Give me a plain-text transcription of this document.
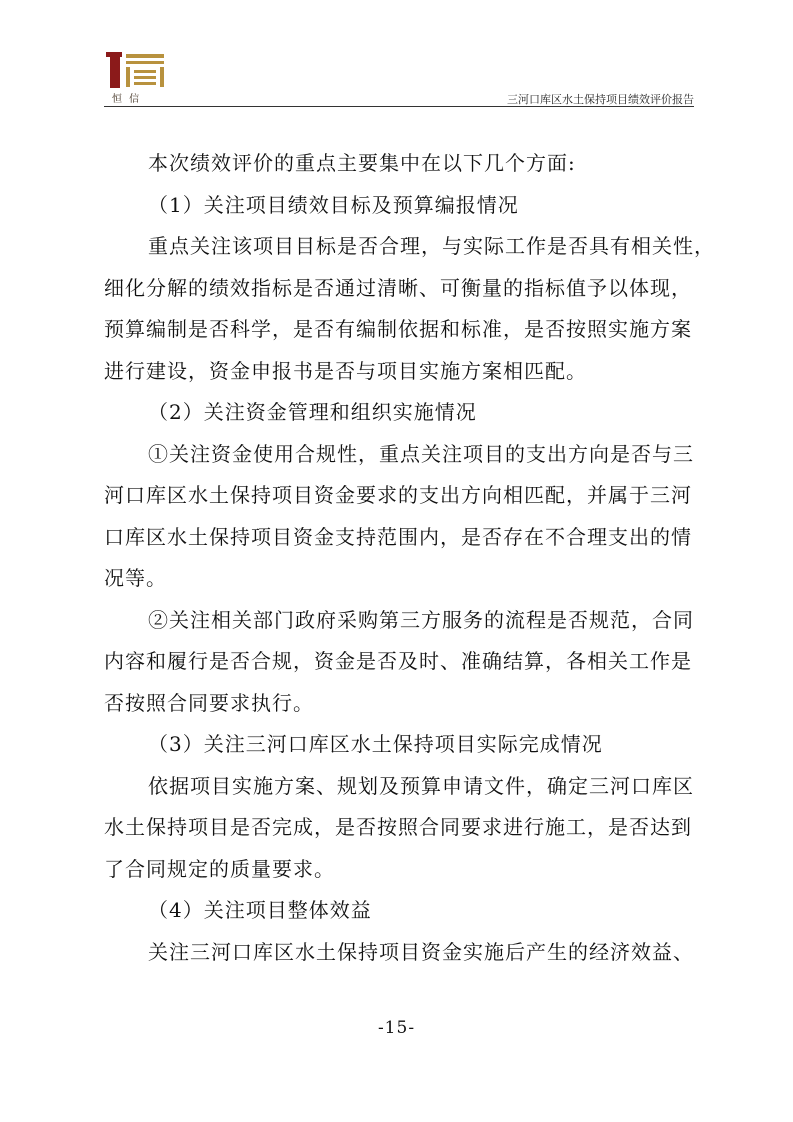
恒 信	三河口库区水土保持项目绩效评价报告

本次绩效评价的重点主要集中在以下几个方面:

（1）关注项目绩效目标及预算编报情况

重点关注该项目目标是否合理，与实际工作是否具有相关性，

细化分解的绩效指标是否通过清晰、可衡量的指标值予以体现，

预算编制是否科学，是否有编制依据和标准，是否按照实施方案

进行建设，资金申报书是否与项目实施方案相匹配。

（2）关注资金管理和组织实施情况

①关注资金使用合规性，重点关注项目的支出方向是否与三

河口库区水土保持项目资金要求的支出方向相匹配，并属于三河

口库区水土保持项目资金支持范围内，是否存在不合理支出的情

况等。

②关注相关部门政府采购第三方服务的流程是否规范，合同

内容和履行是否合规，资金是否及时、准确结算，各相关工作是

否按照合同要求执行。

（3）关注三河口库区水土保持项目实际完成情况

依据项目实施方案、规划及预算申请文件，确定三河口库区

水土保持项目是否完成，是否按照合同要求进行施工，是否达到

了合同规定的质量要求。

（4）关注项目整体效益

关注三河口库区水土保持项目资金实施后产生的经济效益、

-15-
